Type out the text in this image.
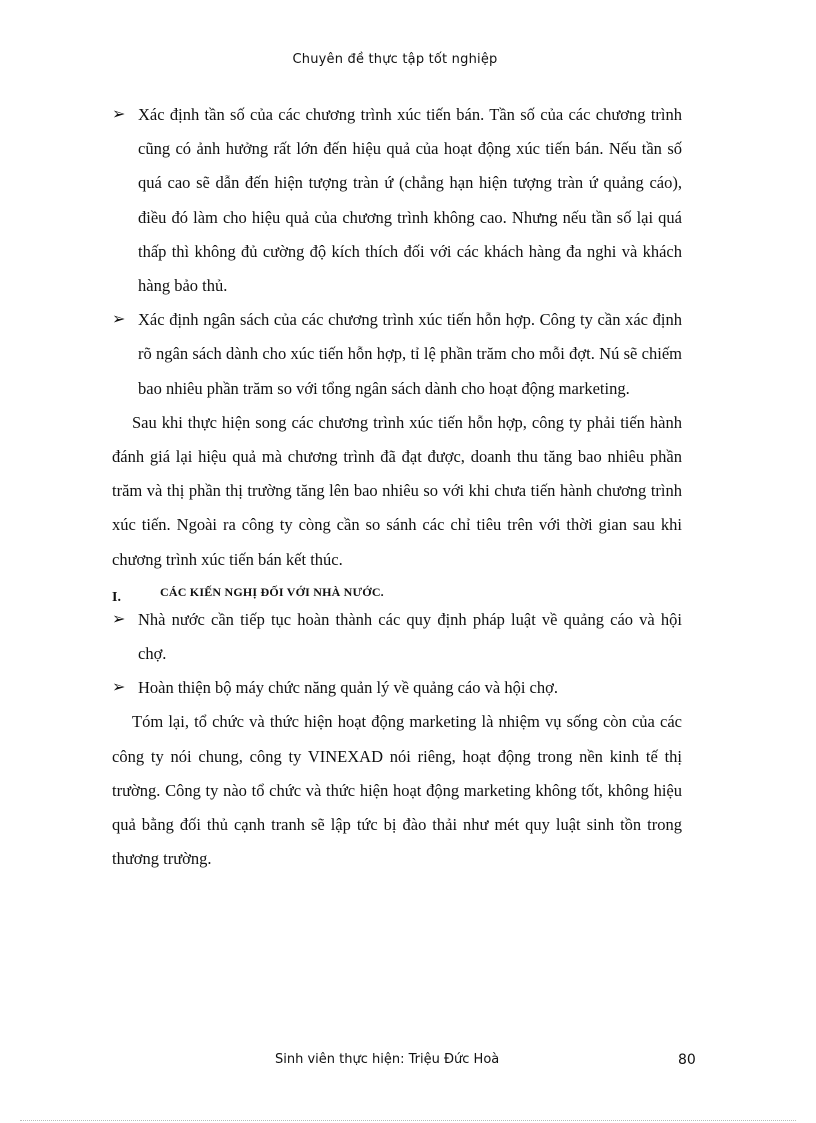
Chuyên đề thực tập tốt nghiệp
➢ Xác định tần số của các chương trình xúc tiến bán. Tần số của các chương trình cũng có ảnh hưởng rất lớn đến hiệu quả của hoạt động xúc tiến bán. Nếu tần số quá cao sẽ dẫn đến hiện tượng tràn ứ (chẳng hạn hiện tượng tràn ứ quảng cáo), điều đó làm cho hiệu quả của chương trình không cao. Nhưng nếu tần số lại quá thấp thì không đủ cường độ kích thích đối với các khách hàng đa nghi và khách hàng bảo thủ.
➢ Xác định ngân sách của các chương trình xúc tiến hỗn hợp. Công ty cần xác định rõ ngân sách dành cho xúc tiến hỗn hợp, tỉ lệ phần trăm cho mỗi đợt. Nú sẽ chiếm bao nhiêu phần trăm so với tổng ngân sách dành cho hoạt động marketing.
Sau khi thực hiện song các chương trình xúc tiến hỗn hợp, công ty phải tiến hành đánh giá lại hiệu quả mà chương trình đã đạt được, doanh thu tăng bao nhiêu phần trăm và thị phần thị trường tăng lên bao nhiêu so với khi chưa tiến hành chương trình xúc tiến. Ngoài ra công ty còng cần so sánh các chỉ tiêu trên với thời gian sau khi chương trình xúc tiến bán kết thúc.
I.	CÁC KIẾN NGHỊ ĐỐI VỚI NHÀ NƯỚC.
➢ Nhà nước cần tiếp tục hoàn thành các quy định pháp luật về quảng cáo và hội chợ.
➢ Hoàn thiện bộ máy chức năng quản lý về quảng cáo và hội chợ.
Tóm lại, tổ chức và thức hiện hoạt động marketing là nhiệm vụ sống còn của các công ty nói chung, công ty VINEXAD nói riêng, hoạt động trong nền kinh tế thị trường. Công ty nào tổ chức và thức hiện hoạt động marketing không tốt, không hiệu quả bằng đối thủ cạnh tranh sẽ lập tức bị đào thải như mét quy luật sinh tồn trong thương trường.
Sinh viên thực hiện: Triệu Đức Hoà	80
